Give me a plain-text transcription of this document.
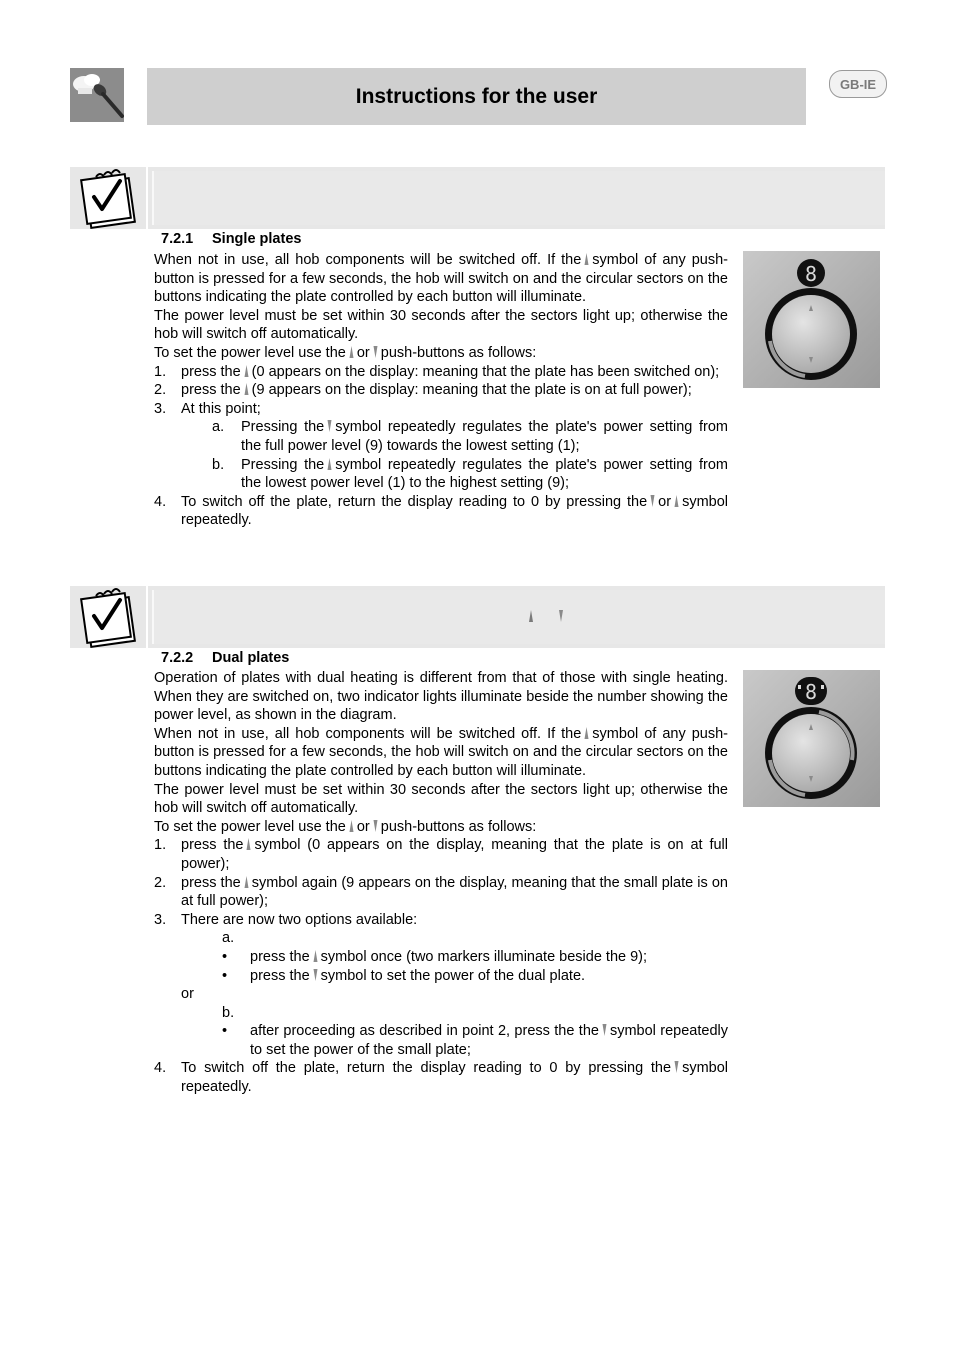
Instructions for the user
GB-IE
7.2.1 Single plates

When not in use, all hob components will be switched off. If the symbol of any push-button is pressed for a few seconds, the hob will switch on and the circular sectors on the buttons indicating the plate controlled by each button will illuminate.

The power level must be set within 30 seconds after the sectors light up; otherwise the hob will switch off automatically.

To set the power level use the or push-buttons as follows:

1.	press the (0 appears on the display: meaning that the plate has been switched on);
2.	press the (9 appears on the display: meaning that the plate is on at full power);
3.	At this point;
a.	Pressing the symbol repeatedly regulates the plate's power setting from the full power level (9) towards the lowest setting (1);
b.	Pressing the symbol repeatedly regulates the plate's power setting from the lowest power level (1) to the highest setting (9);
4.	To switch off the plate, return the display reading to 0 by pressing the or symbol repeatedly.
8
7.2.2 Dual plates

Operation of plates with dual heating is different from that of those with single heating. When they are switched on, two indicator lights illuminate beside the number showing the power level, as shown in the diagram.

When not in use, all hob components will be switched off. If the symbol of any push-button is pressed for a few seconds, the hob will switch on and the circular sectors on the buttons indicating the plate controlled by each button will illuminate.

The power level must be set within 30 seconds after the sectors light up; otherwise the hob will switch off automatically.

To set the power level use the or push-buttons as follows:

1.	press the symbol (0 appears on the display, meaning that the plate is on at full power);
2.	press the symbol again (9 appears on the display, meaning that the small plate is on at full power);
3.	There are now two options available:
a.
•	press the symbol once (two markers illuminate beside the 9);
•	press the symbol to set the power of the dual plate.
or
b.
•	after proceeding as described in point 2, press the the symbol repeatedly to set the power of the small plate;
4.	To switch off the plate, return the display reading to 0 by pressing the symbol repeatedly.
8
